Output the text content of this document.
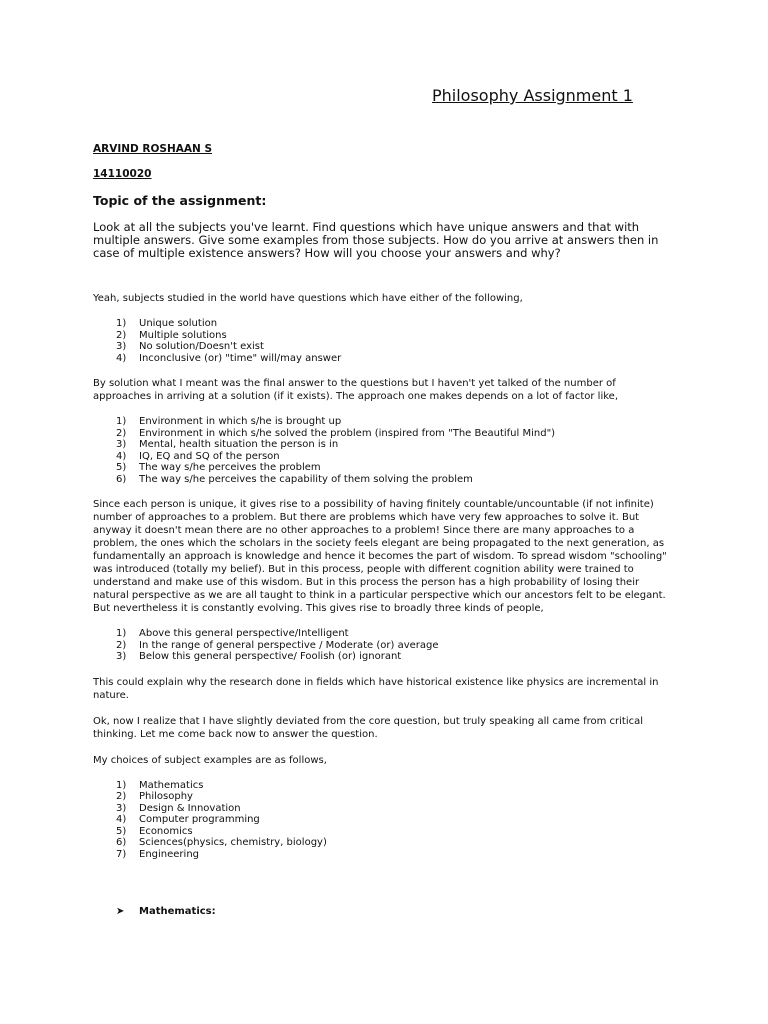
Philosophy Assignment 1
ARVIND ROSHAAN S
14110020
Topic of the assignment:

Look at all the subjects you've learnt. Find questions which have unique answers and that with multiple answers. Give some examples from those subjects. How do you arrive at answers then in case of multiple existence answers? How will you choose your answers and why?

Yeah, subjects studied in the world have questions which have either of the following,

1) Unique solution
2) Multiple solutions
3) No solution/Doesn't exist
4) Inconclusive (or) "time" will/may answer

By solution what I meant was the final answer to the questions but I haven't yet talked of the number of approaches in arriving at a solution (if it exists). The approach one makes depends on a lot of factor like,

1) Environment in which s/he is brought up
2) Environment in which s/he solved the problem (inspired from "The Beautiful Mind")
3) Mental, health situation the person is in
4) IQ, EQ and SQ of the person
5) The way s/he perceives the problem
6) The way s/he perceives the capability of them solving the problem

Since each person is unique, it gives rise to a possibility of having finitely countable/uncountable (if not infinite) number of approaches to a problem. But there are problems which have very few approaches to solve it. But anyway it doesn't mean there are no other approaches to a problem! Since there are many approaches to a problem, the ones which the scholars in the society feels elegant are being propagated to the next generation, as fundamentally an approach is knowledge and hence it becomes the part of wisdom. To spread wisdom "schooling" was introduced (totally my belief). But in this process, people with different cognition ability were trained to understand and make use of this wisdom. But in this process the person has a high probability of losing their natural perspective as we are all taught to think in a particular perspective which our ancestors felt to be elegant. But nevertheless it is constantly evolving. This gives rise to broadly three kinds of people,

1) Above this general perspective/Intelligent
2) In the range of general perspective / Moderate (or) average
3) Below this general perspective/ Foolish (or) ignorant

This could explain why the research done in fields which have historical existence like physics are incremental in nature.

Ok, now I realize that I have slightly deviated from the core question, but truly speaking all came from critical thinking. Let me come back now to answer the question.

My choices of subject examples are as follows,

1) Mathematics
2) Philosophy
3) Design & Innovation
4) Computer programming
5) Economics
6) Sciences(physics, chemistry, biology)
7) Engineering
➤ Mathematics:
